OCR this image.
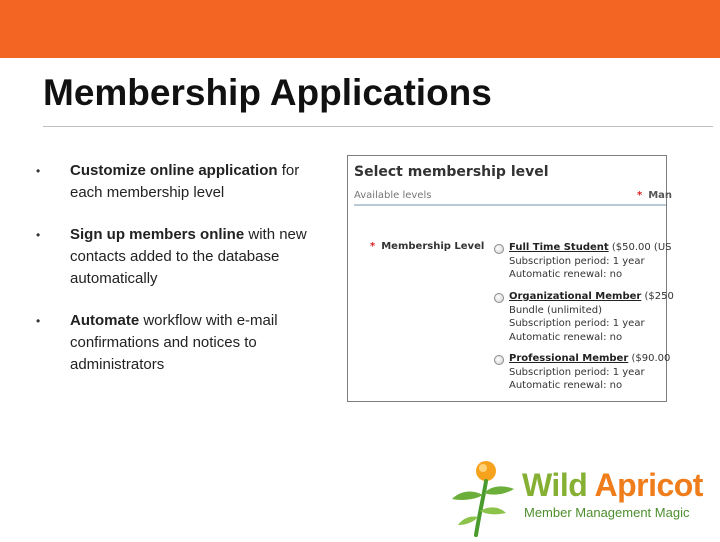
Membership Applications
• Customize online application for each membership level
• Sign up members online with new contacts added to the database automatically
• Automate workflow with e-mail confirmations and notices to administrators
Select membership level
Available levels	* Man
* Membership Level Full Time Student ($50.00 (US
Subscription period: 1 year
Automatic renewal: no
Organizational Member ($250
Bundle (unlimited)
Subscription period: 1 year
Automatic renewal: no
Professional Member ($90.00
Subscription period: 1 year
Automatic renewal: no
Wild Apricot
Member Management Magic
